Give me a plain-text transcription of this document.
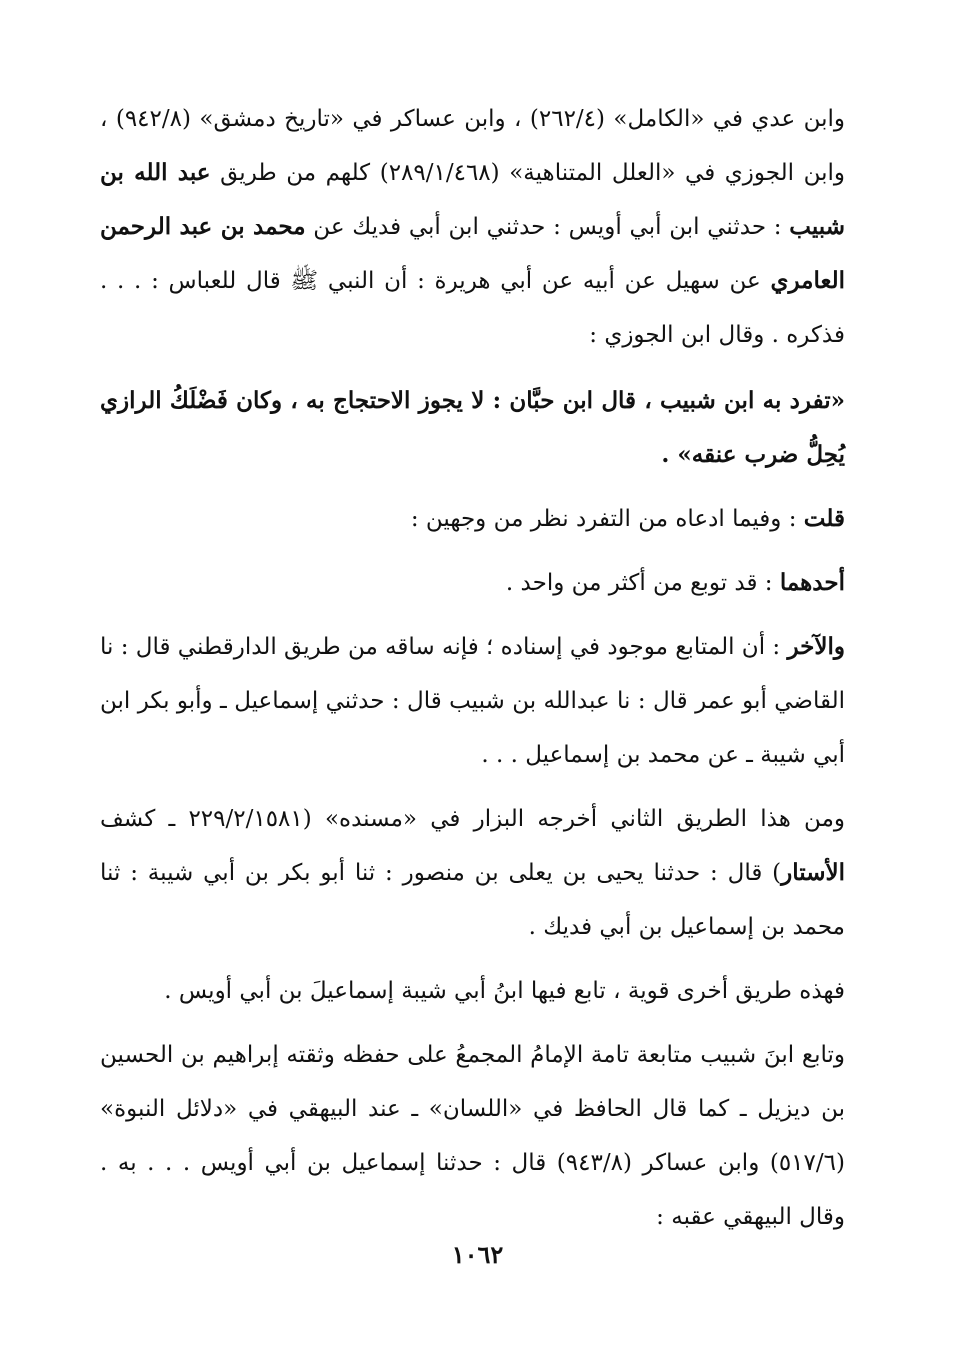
وابن عدي في «الكامل» (٢٦٢/٤) ، وابن عساكر في «تاريخ دمشق» (٩٤٢/٨) ، وابن الجوزي في «العلل المتناهية» (٢٨٩/١/٤٦٨) كلهم من طريق عبد الله بن شبيب : حدثني ابن أبي أويس : حدثني ابن أبي فديك عن محمد بن عبد الرحمن العامري عن سهيل عن أبيه عن أبي هريرة : أن النبي ﷺ قال للعباس : . . . فذكره . وقال ابن الجوزي :

«تفرد به ابن شبيب ، قال ابن حبَّان : لا يجوز الاحتجاج به ، وكان فَضْلَكُ الرازي يُحِلُّ ضرب عنقه» .

قلت : وفيما ادعاه من التفرد نظر من وجهين :

أحدهما : قد توبع من أكثر من واحد .

والآخر : أن المتابع موجود في إسناده ؛ فإنه ساقه من طريق الدارقطني قال : نا القاضي أبو عمر قال : نا عبدالله بن شبيب قال : حدثني إسماعيل ـ وأبو بكر ابن أبي شيبة ـ عن محمد بن إسماعيل . . .

ومن هذا الطريق الثاني أخرجه البزار في «مسنده» (٢٢٩/٢/١٥٨١ ـ كشف الأستار) قال : حدثنا يحيى بن يعلى بن منصور : ثنا أبو بكر بن أبي شيبة : ثنا محمد بن إسماعيل بن أبي فديك .

فهذه طريق أخرى قوية ، تابع فيها ابنُ أبي شيبة إسماعيلَ بن أبي أويس .

وتابع ابنَ شبيب متابعة تامة الإمامُ المجمعُ على حفظه وثقته إبراهيم بن الحسين بن ديزيل ـ كما قال الحافظ في «اللسان» ـ عند البيهقي في «دلائل النبوة» (٥١٧/٦) وابن عساكر (٩٤٣/٨) قال : حدثنا إسماعيل بن أبي أويس . . . به . وقال البيهقي عقبه :

١٠٦٢
